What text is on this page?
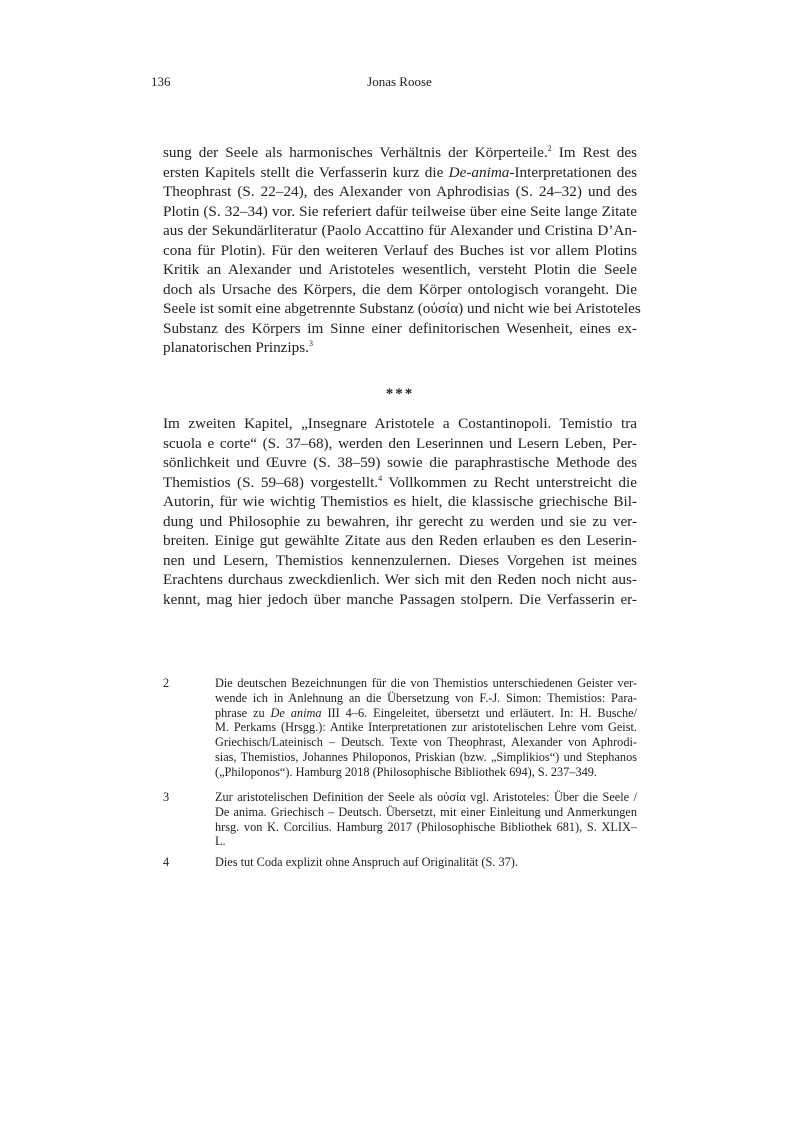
136	Jonas Roose
sung der Seele als harmonisches Verhältnis der Körperteile.$^2$ Im Rest des
ersten Kapitels stellt die Verfasserin kurz die De-anima-Interpretationen des
Theophrast (S. 22–24), des Alexander von Aphrodisias (S. 24–32) und des
Plotin (S. 32–34) vor. Sie referiert dafür teilweise über eine Seite lange Zitate
aus der Sekundärliteratur (Paolo Accattino für Alexander und Cristina D’An-
cona für Plotin). Für den weiteren Verlauf des Buches ist vor allem Plotins
Kritik an Alexander und Aristoteles wesentlich, versteht Plotin die Seele
doch als Ursache des Körpers, die dem Körper ontologisch vorangeht. Die
Seele ist somit eine abgetrennte Substanz (οὐσία) und nicht wie bei Aristoteles
Substanz des Körpers im Sinne einer definitorischen Wesenheit, eines ex-
planatorischen Prinzips.$^3$
***
Im zweiten Kapitel, „Insegnare Aristotele a Costantinopoli. Temistio tra
scuola e corte“ (S. 37–68), werden den Leserinnen und Lesern Leben, Per-
sönlichkeit und Œuvre (S. 38–59) sowie die paraphrastische Methode des
Themistios (S. 59–68) vorgestellt.$^4$ Vollkommen zu Recht unterstreicht die
Autorin, für wie wichtig Themistios es hielt, die klassische griechische Bil-
dung und Philosophie zu bewahren, ihr gerecht zu werden und sie zu ver-
breiten. Einige gut gewählte Zitate aus den Reden erlauben es den Leserin-
nen und Lesern, Themistios kennenzulernen. Dieses Vorgehen ist meines
Erachtens durchaus zweckdienlich. Wer sich mit den Reden noch nicht aus-
kennt, mag hier jedoch über manche Passagen stolpern. Die Verfasserin er-
2	Die deutschen Bezeichnungen für die von Themistios unterschiedenen Geister ver-
wende ich in Anlehnung an die Übersetzung von F.-J. Simon: Themistios: Para-
phrase zu De anima III 4–6. Eingeleitet, übersetzt und erläutert. In: H. Busche/
M. Perkams (Hrsgg.): Antike Interpretationen zur aristotelischen Lehre vom Geist.
Griechisch/Lateinisch – Deutsch. Texte von Theophrast, Alexander von Aphrodi-
sias, Themistios, Johannes Philoponos, Priskian (bzw. „Simplikios“) und Stephanos
(„Philoponos“). Hamburg 2018 (Philosophische Bibliothek 694), S. 237–349.
3	Zur aristotelischen Definition der Seele als οὐσία vgl. Aristoteles: Über die Seele /
De anima. Griechisch – Deutsch. Übersetzt, mit einer Einleitung und Anmerkungen
hrsg. von K. Corcilius. Hamburg 2017 (Philosophische Bibliothek 681), S. XLIX–
L.
4	Dies tut Coda explizit ohne Anspruch auf Originalität (S. 37).
